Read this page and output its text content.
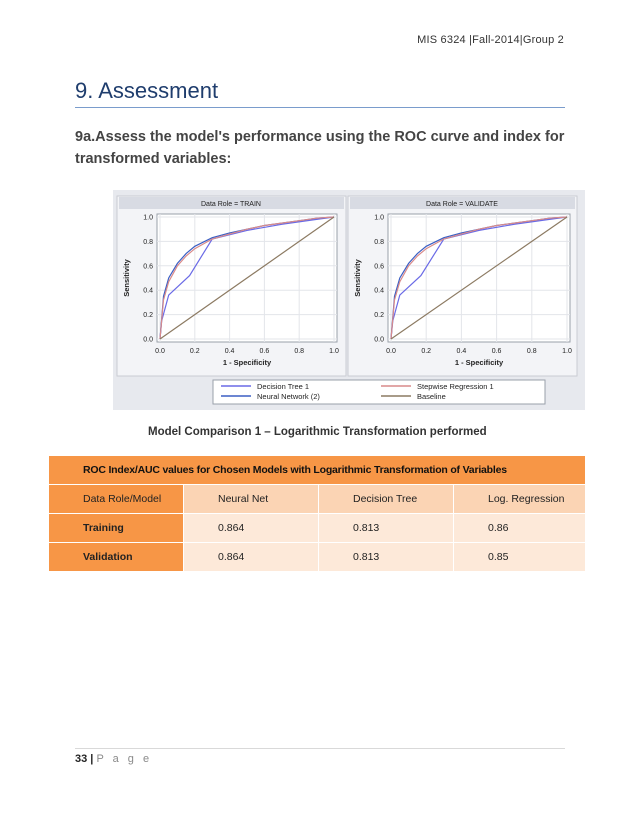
MIS 6324 |Fall-2014|Group 2
9. Assessment
9a.Assess the model's performance using the ROC curve and index for transformed variables:
Data Role = TRAIN
0.0	0.2	0.4	0.6	0.8	1.0
0.0
0.2
0.4
0.6
0.8
1.0
1 - Specificity
Sensitivity
Data Role = VALIDATE
0.0	0.2	0.4	0.6	0.8	1.0
0.0
0.2
0.4
0.6
0.8
1.0
1 - Specificity
Sensitivity
Decision Tree 1
Neural Network (2)
Stepwise Regression 1
Baseline
Model Comparison 1 – Logarithmic Transformation performed
ROC Index/AUC values for Chosen Models with Logarithmic Transformation of Variables			
Data Role/Model	Neural Net	Decision Tree	Log. Regression
Training	0.864	0.813	0.86
Validation	0.864	0.813	0.85
33 | P a g e
